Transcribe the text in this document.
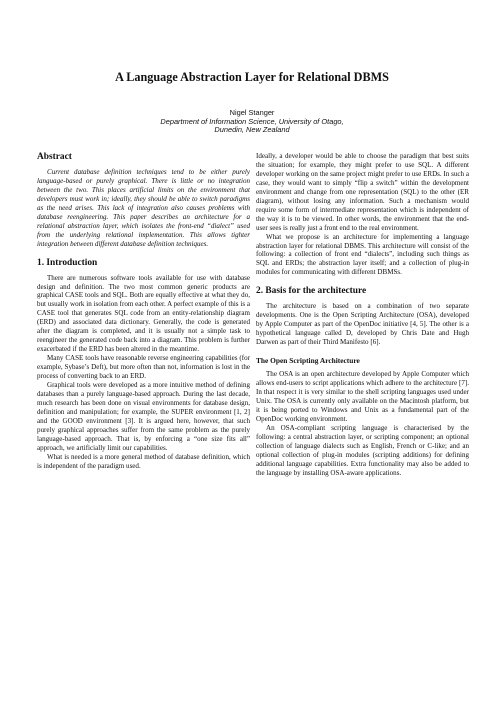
A Language Abstraction Layer for Relational DBMS
Nigel Stanger
Department of Information Science, University of Otago,
Dunedin, New Zealand
Abstract

Current database definition techniques tend to be either purely language-based or purely graphical. There is little or no integration between the two. This places artificial limits on the environment that developers must work in; ideally, they should be able to switch paradigms as the need arises. This lack of integration also causes problems with database reengineering. This paper describes an architecture for a relational abstraction layer, which isolates the front-end “dialect” used from the underlying relational implementation. This allows tighter integration between different database definition techniques.

1. Introduction

There are numerous software tools available for use with database design and definition. The two most common generic products are graphical CASE tools and SQL. Both are equally effective at what they do, but usually work in isolation from each other. A perfect example of this is a CASE tool that generates SQL code from an entity-relationship diagram (ERD) and associated data dictionary. Generally, the code is generated after the diagram is completed, and it is usually not a simple task to reengineer the generated code back into a diagram. This problem is further exacerbated if the ERD has been altered in the meantime.

Many CASE tools have reasonable reverse engineering capabilities (for example, Sybase’s Deft), but more often than not, information is lost in the process of converting back to an ERD.

Graphical tools were developed as a more intuitive method of defining databases than a purely language-based approach. During the last decade, much research has been done on visual environments for database design, definition and manipulation; for example, the SUPER environment [1, 2] and the GOOD environment [3]. It is argued here, however, that such purely graphical approaches suffer from the same problem as the purely language-based approach. That is, by enforcing a “one size fits all” approach, we artificially limit our capabilities.

What is needed is a more general method of database definition, which is independent of the paradigm used.

Ideally, a developer would be able to choose the paradigm that best suits the situation; for example, they might prefer to use SQL. A different developer working on the same project might prefer to use ERDs. In such a case, they would want to simply “flip a switch” within the development environment and change from one representation (SQL) to the other (ER diagram), without losing any information. Such a mechanism would require some form of intermediate representation which is independent of the way it is to be viewed. In other words, the environment that the end-user sees is really just a front end to the real environment.

What we propose is an architecture for implementing a language abstraction layer for relational DBMS. This architecture will consist of the following: a collection of front end “dialects”, including such things as SQL and ERDs; the abstraction layer itself; and a collection of plug-in modules for communicating with different DBMSs.

2. Basis for the architecture

The architecture is based on a combination of two separate developments. One is the Open Scripting Architecture (OSA), developed by Apple Computer as part of the OpenDoc initiative [4, 5]. The other is a hypothetical language called D, developed by Chris Date and Hugh Darwen as part of their Third Manifesto [6].

The Open Scripting Architecture

The OSA is an open architecture developed by Apple Computer which allows end-users to script applications which adhere to the architecture [7]. In that respect it is very similar to the shell scripting languages used under Unix. The OSA is currently only available on the Macintosh platform, but it is being ported to Windows and Unix as a fundamental part of the OpenDoc working environment.

An OSA-compliant scripting language is characterised by the following: a central abstraction layer, or scripting component; an optional collection of language dialects such as English, French or C-like; and an optional collection of plug-in modules (scripting additions) for defining additional language capabilities. Extra functionality may also be added to the language by installing OSA-aware applications.
